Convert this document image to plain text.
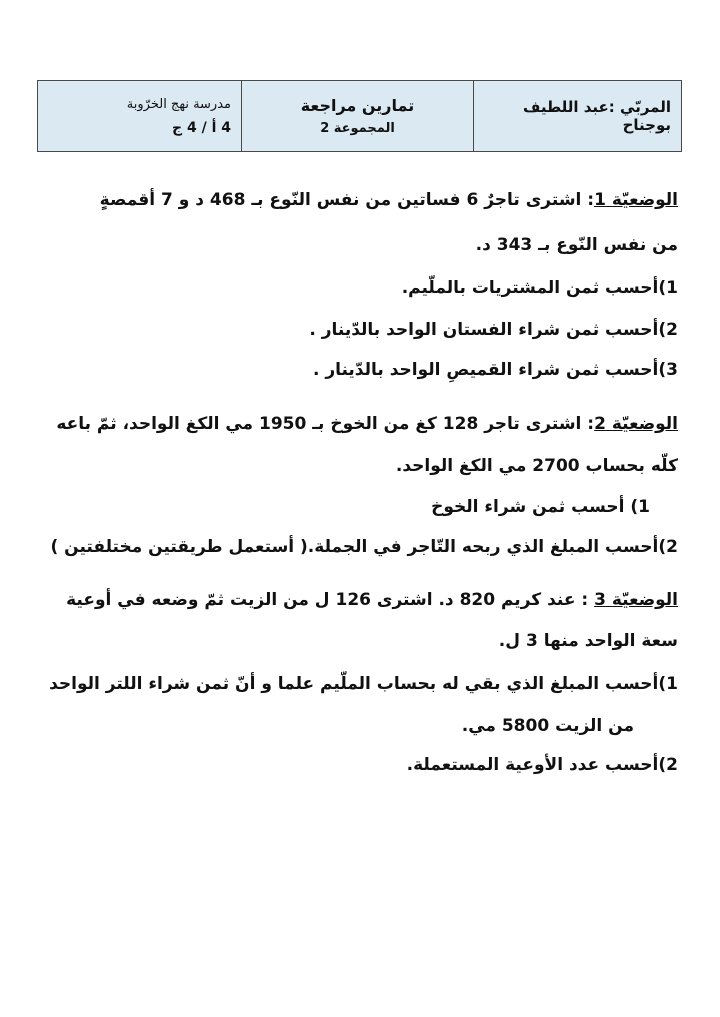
المربّي :عبد اللطيف بوجناح
تمارين مراجعة
المجموعة 2
مدرسة نهج الخرّوبة
4 أ / 4 ج
الوضعيّة 1: اشترى تاجرٌ 6 فساتين من نفس النّوع بـ 468 د و 7 أقمصةٍ
من نفس النّوع بـ 343 د.
1)أحسب ثمن المشتريات بالملّيم.
2)أحسب ثمن شراء الفستان الواحد بالدّينار .
3)أحسب ثمن شراء القميصِ الواحد بالدّينار .
الوضعيّة 2: اشترى تاجر 128 كغ من الخوخ بـ 1950 مي الكغ الواحد، ثمّ باعه
كلّه بحساب 2700 مي الكغ الواحد.
1) أحسب ثمن شراء الخوخ
2)أحسب المبلغ الذي ربحه التّاجر في الجملة.( أستعمل طريقتين مختلفتين )
الوضعيّة 3 : عند كريم 820 د. اشترى 126 ل من الزيت ثمّ وضعه في أوعية
سعة الواحد منها 3 ل.
1)أحسب المبلغ الذي بقي له بحساب الملّيم علما و أنّ ثمن شراء اللتر الواحد
من الزيت 5800 مي.
2)أحسب عدد الأوعية المستعملة.
